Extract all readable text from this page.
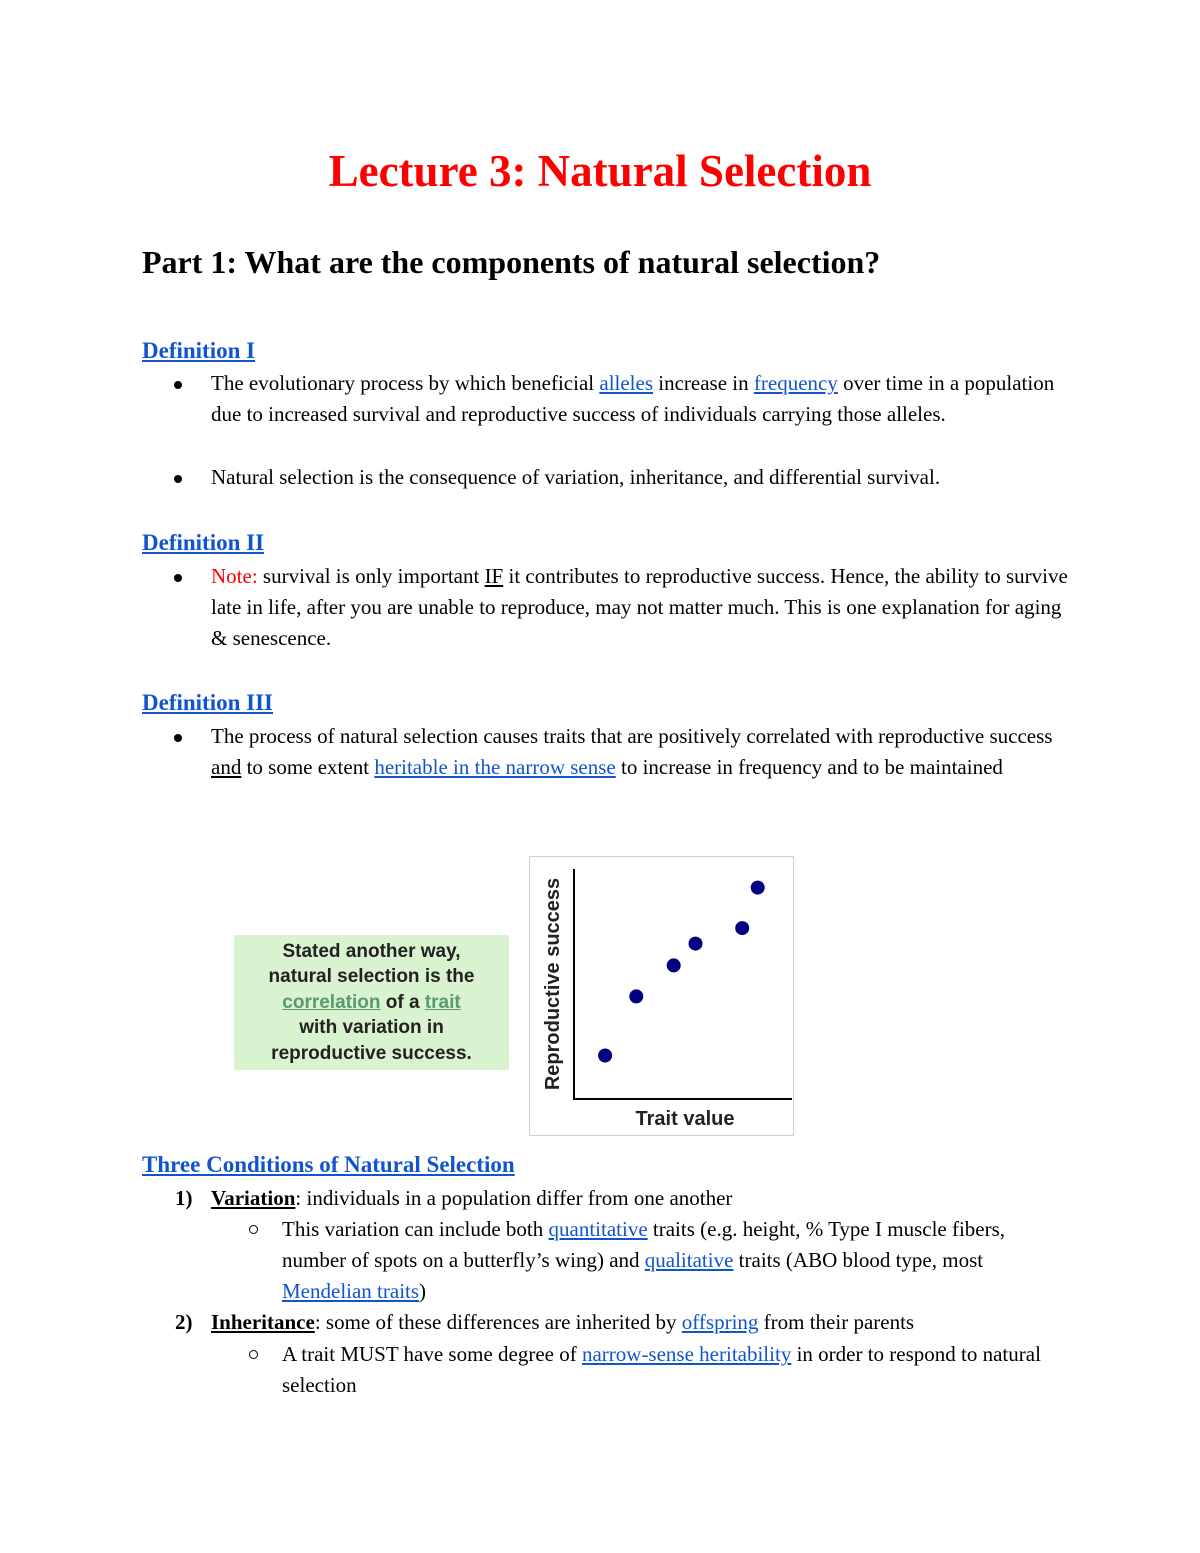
Lecture 3: Natural Selection
Part 1: What are the components of natural selection?
Definition I
The evolutionary process by which beneficial alleles increase in frequency over time in a population due to increased survival and reproductive success of individuals carrying those alleles.
Natural selection is the consequence of variation, inheritance, and differential survival.
Definition II
Note: survival is only important IF it contributes to reproductive success. Hence, the ability to survive late in life, after you are unable to reproduce, may not matter much. This is one explanation for aging & senescence.
Definition III
The process of natural selection causes traits that are positively correlated with reproductive success and to some extent heritable in the narrow sense to increase in frequency and to be maintained
Stated another way,
natural selection is the
correlation of a trait
with variation in
reproductive success.
Trait value
Reproductive success
Three Conditions of Natural Selection
1) Variation: individuals in a population differ from one another
This variation can include both quantitative traits (e.g. height, % Type I muscle fibers, number of spots on a butterfly’s wing) and qualitative traits (ABO blood type, most Mendelian traits)
2) Inheritance: some of these differences are inherited by offspring from their parents
A trait MUST have some degree of narrow-sense heritability in order to respond to natural selection
